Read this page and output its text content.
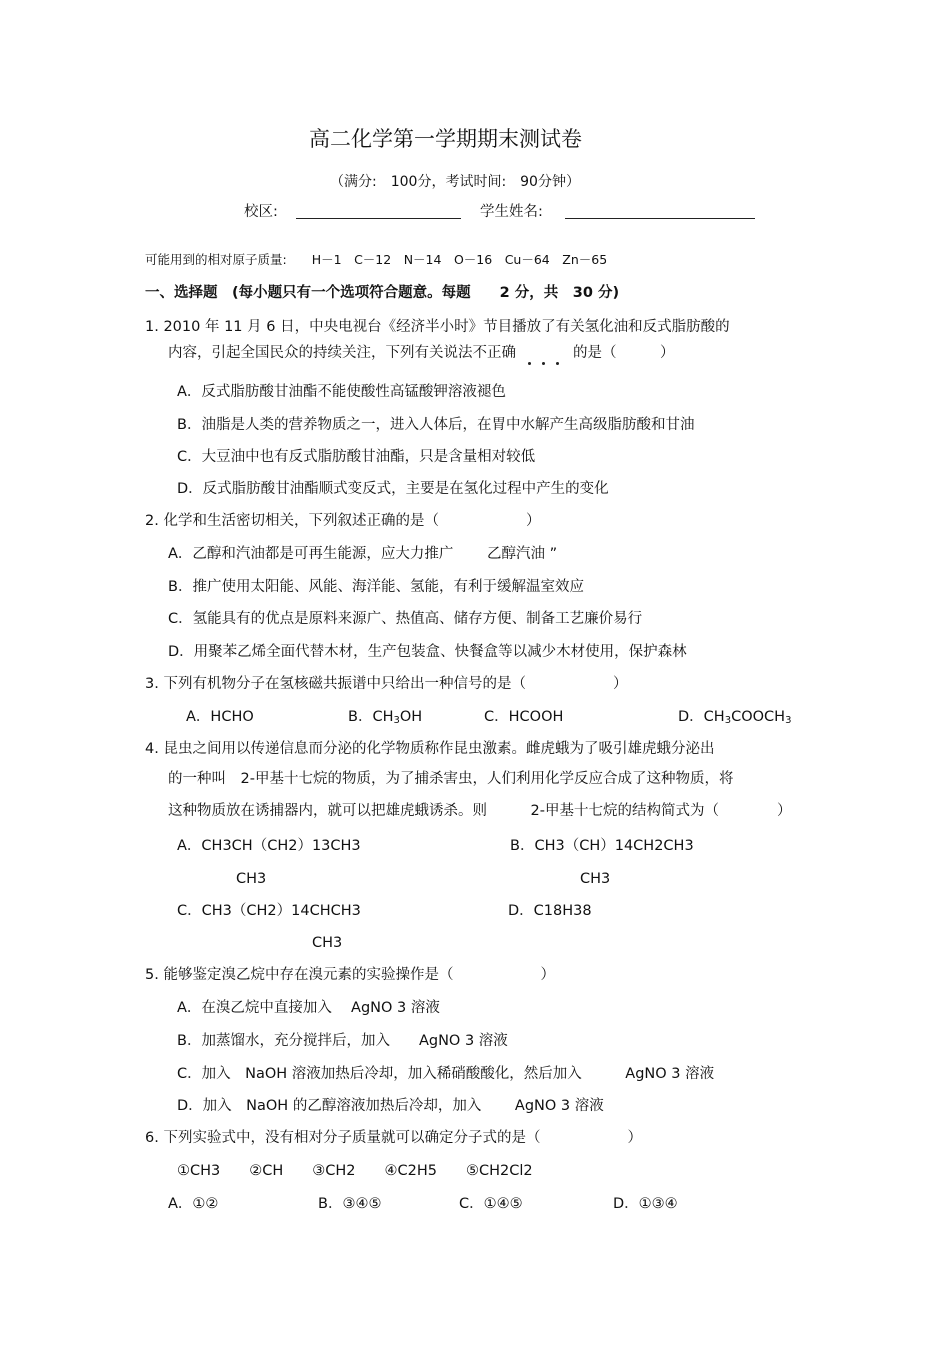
高二化学第一学期期末测试卷
（满分:　100分，考试时间:　90分钟）
校区:	学生姓名:
可能用到的相对原子质量:　　H－1　C－12　N－14　O－16　Cu－64　Zn－65
一、选择题　(每小题只有一个选项符合题意。每题　　2 分，共　30 分)
1. 2010 年 11 月 6 日，中央电视台《经济半小时》节目播放了有关氢化油和反式脂肪酸的
内容，引起全国民众的持续关注，下列有关说法不正确	的是（　　　）
A．反式脂肪酸甘油酯不能使酸性高锰酸钾溶液褪色
B．油脂是人类的营养物质之一，进入人体后，在胃中水解产生高级脂肪酸和甘油
C．大豆油中也有反式脂肪酸甘油酯，只是含量相对较低
D．反式脂肪酸甘油酯顺式变反式，主要是在氢化过程中产生的变化
2. 化学和生活密切相关，下列叙述正确的是（　　　　　　）
A．乙醇和汽油都是可再生能源，应大力推广　　 乙醇汽油 ”
B．推广使用太阳能、风能、海洋能、氢能，有利于缓解温室效应
C．氢能具有的优点是原料来源广、热值高、储存方便、制备工艺廉价易行
D．用聚苯乙烯全面代替木材，生产包装盒、快餐盒等以减少木材使用，保护森林
3. 下列有机物分子在氢核磁共振谱中只给出一种信号的是（　　　　　　）
A．HCHO	B．$CH_3OH$	C．HCOOH	D．$CH_3COOCH_3$
4. 昆虫之间用以传递信息而分泌的化学物质称作昆虫激素。雌虎蛾为了吸引雄虎蛾分泌出
的一种叫　2-甲基十七烷的物质，为了捕杀害虫，人们利用化学反应合成了这种物质，将
这种物质放在诱捕器内，就可以把雄虎蛾诱杀。则　　　2-甲基十七烷的结构简式为（　　　　）
A．CH3CH（CH2）13CH3
CH3
B．CH3（CH）14CH2CH3
CH3
C．CH3（CH2）14CHCH3
CH3
D．C18H38
5. 能够鉴定溴乙烷中存在溴元素的实验操作是（　　　　　　）
A．在溴乙烷中直接加入　 AgNO 3 溶液
B．加蒸馏水，充分搅拌后，加入　　AgNO 3 溶液
C．加入　NaOH 溶液加热后冷却，加入稀硝酸酸化，然后加入　　　AgNO 3 溶液
D．加入　NaOH 的乙醇溶液加热后冷却，加入　　 AgNO 3 溶液
6. 下列实验式中，没有相对分子质量就可以确定分子式的是（　　　　　　）
①CH3　　②CH　　③CH2　　④C2H5　　⑤CH2Cl2
A．①②	B．③④⑤	C．①④⑤	D．①③④
